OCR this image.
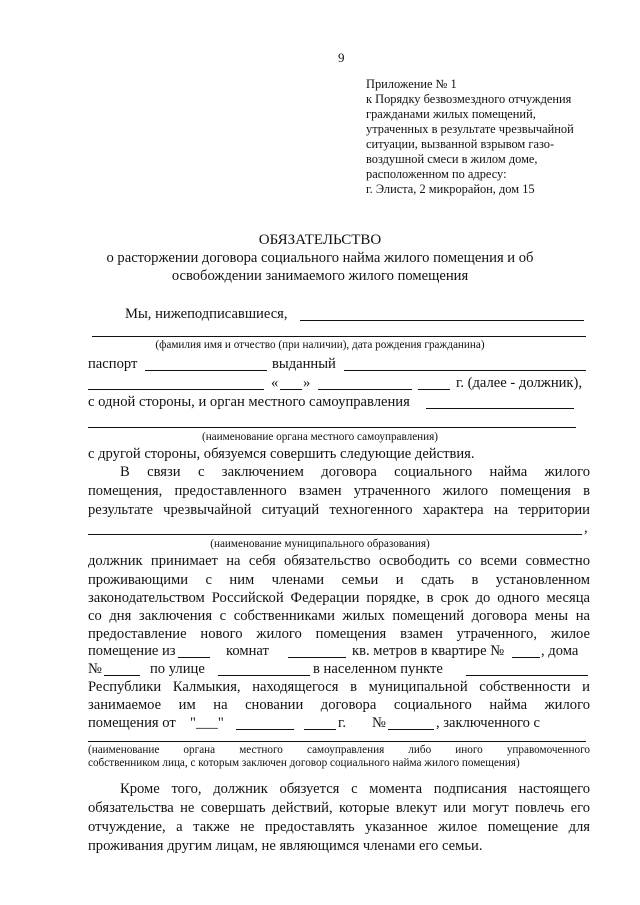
9
Приложение № 1
к Порядку безвозмездного отчуждения
гражданами жилых помещений,
утраченных в результате чрезвычайной
ситуации, вызванной взрывом газо-
воздушной смеси в жилом доме,
расположенном по адресу:
г. Элиста, 2 микрорайон, дом 15
ОБЯЗАТЕЛЬСТВО
о расторжении договора социального найма жилого помещения и об
освобождении занимаемого жилого помещения
Мы, нижеподписавшиеся,
(фамилия имя и отчество (при наличии), дата рождения гражданина)
паспорт	выданный
« »	г. (далее - должник),
с одной стороны, и орган местного самоуправления
(наименование органа местного самоуправления)
с другой стороны, обязуемся совершить следующие действия.
В связи с заключением договора социального найма жилого
помещения, предоставленного взамен утраченного жилого помещения в
результате чрезвычайной ситуаций техногенного характера на территории
,
(наименование муниципального образования)
должник принимает на себя обязательство освободить со всеми совместно
проживающими с ним членами семьи и сдать в установленном
законодательством Российской Федерации порядке, в срок до одного месяца
со дня заключения с собственниками жилых помещений договора мены на
предоставление нового жилого помещения взамен утраченного, жилое
помещение из	комнат	кв. метров в квартире №	, дома
№	по улице	в населенном пункте
Республики Калмыкия, находящегося в муниципальной собственности и
занимаемое им на сновании договора социального найма жилого
помещения от "___"	г. №	, заключенного с
(наименование органа местного самоуправления либо иного управомоченного
собственником лица, с которым заключен договор социального найма жилого помещения)
Кроме того, должник обязуется с момента подписания настоящего
обязательства не совершать действий, которые влекут или могут повлечь его
отчуждение, а также не предоставлять указанное жилое помещение для
проживания другим лицам, не являющимся членами его семьи.
